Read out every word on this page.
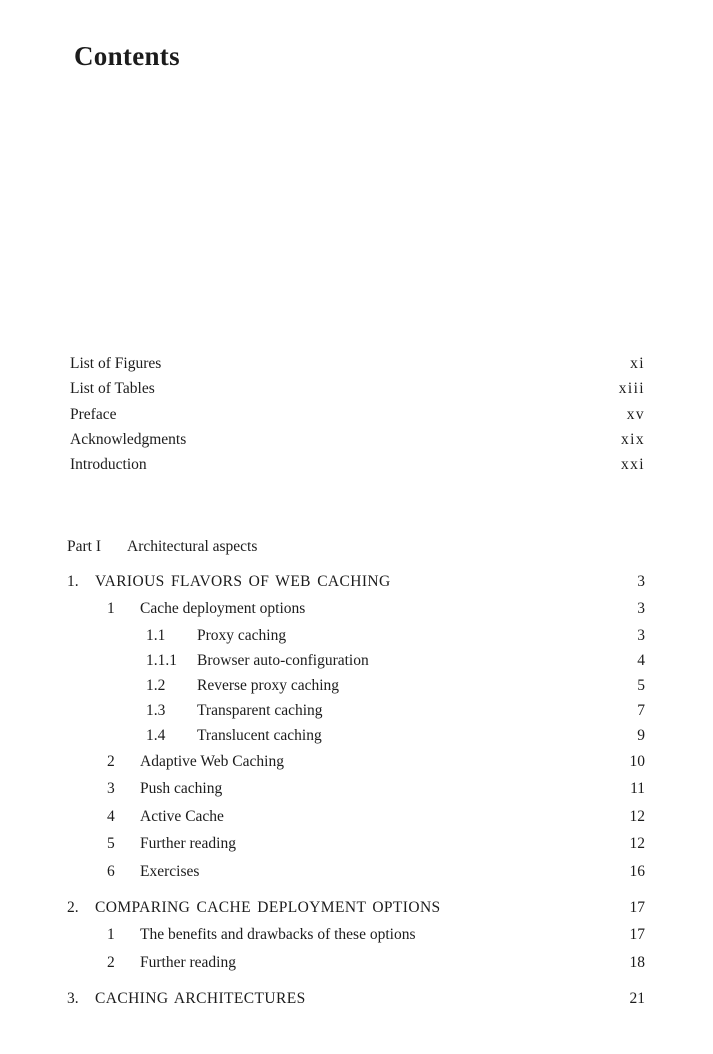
Contents
List of Figures	xi
List of Tables	xiii
Preface	xv
Acknowledgments	xix
Introduction	xxi
Part I	Architectural aspects
1.	VARIOUS FLAVORS OF WEB CACHING	3
1	Cache deployment options	3
1.1	Proxy caching	3
1.1.1	Browser auto-configuration	4
1.2	Reverse proxy caching	5
1.3	Transparent caching	7
1.4	Translucent caching	9
2	Adaptive Web Caching	10
3	Push caching	11
4	Active Cache	12
5	Further reading	12
6	Exercises	16
2.	COMPARING CACHE DEPLOYMENT OPTIONS	17
1	The benefits and drawbacks of these options	17
2	Further reading	18
3.	CACHING ARCHITECTURES	21
